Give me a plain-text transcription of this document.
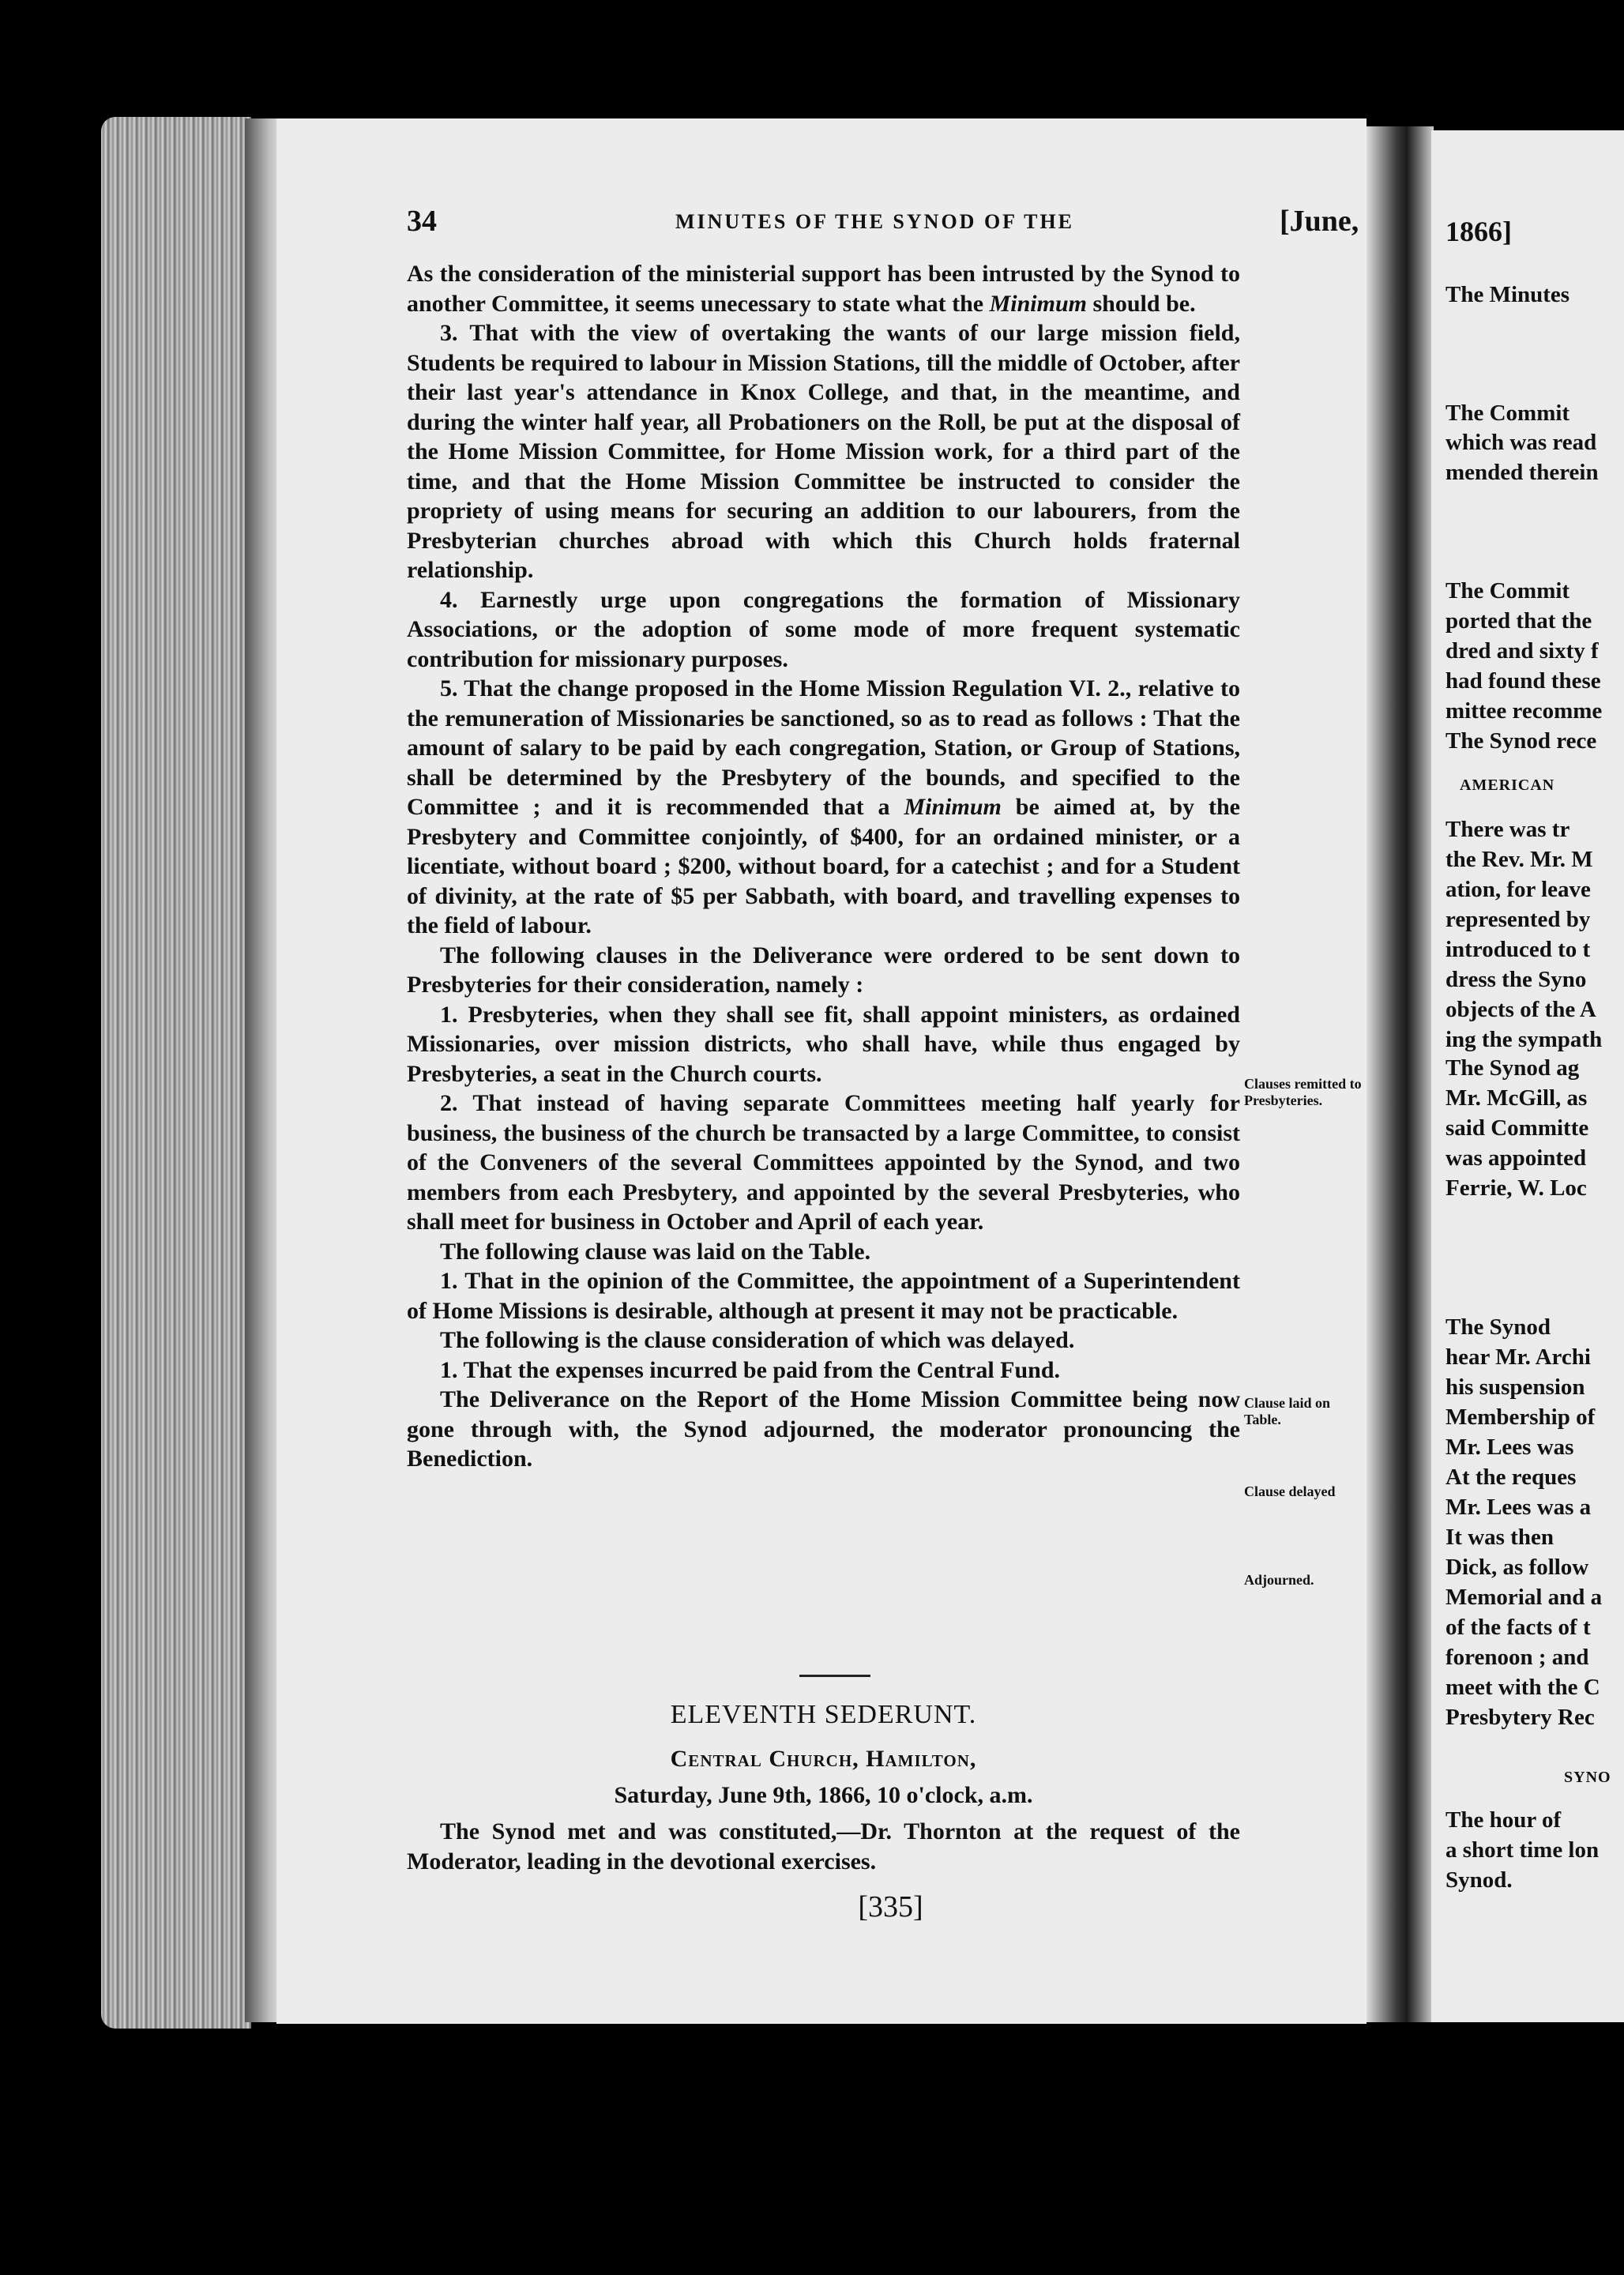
34	MINUTES OF THE SYNOD OF THE	[June,

As the consideration of the ministerial support has been intrusted by the Synod to another Committee, it seems unecessary to state what the Minimum should be.

3. That with the view of overtaking the wants of our large mission field, Students be required to labour in Mission Stations, till the middle of October, after their last year's attendance in Knox College, and that, in the meantime, and during the winter half year, all Probationers on the Roll, be put at the disposal of the Home Mission Committee, for Home Mission work, for a third part of the time, and that the Home Mission Committee be instructed to consider the propriety of using means for securing an addition to our labourers, from the Presbyterian churches abroad with which this Church holds fraternal relationship.

4. Earnestly urge upon congregations the formation of Missionary Associations, or the adoption of some mode of more frequent systematic contribution for missionary purposes.

5. That the change proposed in the Home Mission Regulation VI. 2., relative to the remuneration of Missionaries be sanctioned, so as to read as follows : That the amount of salary to be paid by each congregation, Station, or Group of Stations, shall be determined by the Presbytery of the bounds, and specified to the Committee ; and it is recommended that a Minimum be aimed at, by the Presbytery and Committee conjointly, of $400, for an ordained minister, or a licentiate, without board ; $200, without board, for a catechist ; and for a Student of divinity, at the rate of $5 per Sabbath, with board, and travelling expenses to the field of labour.

The following clauses in the Deliverance were ordered to be sent down to Presbyteries for their consideration, namely :

1. Presbyteries, when they shall see fit, shall appoint ministers, as ordained Missionaries, over mission districts, who shall have, while thus engaged by Presbyteries, a seat in the Church courts.

2. That instead of having separate Committees meeting half yearly for business, the business of the church be transacted by a large Committee, to consist of the Conveners of the several Committees appointed by the Synod, and two members from each Presbytery, and appointed by the several Presbyteries, who shall meet for business in October and April of each year.

The following clause was laid on the Table.

1. That in the opinion of the Committee, the appointment of a Superintendent of Home Missions is desirable, although at present it may not be practicable.

The following is the clause consideration of which was delayed.

1. That the expenses incurred be paid from the Central Fund.

The Deliverance on the Report of the Home Mission Committee being now gone through with, the Synod adjourned, the moderator pronouncing the Benediction.

Clauses remitted to Presbyteries.
Clause laid on Table.
Clause delayed
Adjourned.
ELEVENTH SEDERUNT.
Central Church, Hamilton,
Saturday, June 9th, 1866, 10 o'clock, a.m.

The Synod met and was constituted,—Dr. Thornton at the request of the Moderator, leading in the devotional exercises.

[335]
1866]
The Minutes
The Commit
which was read
mended therein
The Commit
ported that the
dred and sixty f
had found these
mittee recomme
The Synod rece
AMERICAN
There was tr
the Rev. Mr. M
ation, for leave
represented by
introduced to t
dress the Syno
objects of the A
ing the sympath
The Synod ag
Mr. McGill, as
said Committe
was appointed
Ferrie, W. Loc
The Synod
hear Mr. Archi
his suspension
Membership of
Mr. Lees was
At the reques
Mr. Lees was a
It was then
Dick, as follow
Memorial and a
of the facts of t
forenoon ; and
meet with the C
Presbytery Rec
SYNO
The hour of
a short time lon
Synod.
